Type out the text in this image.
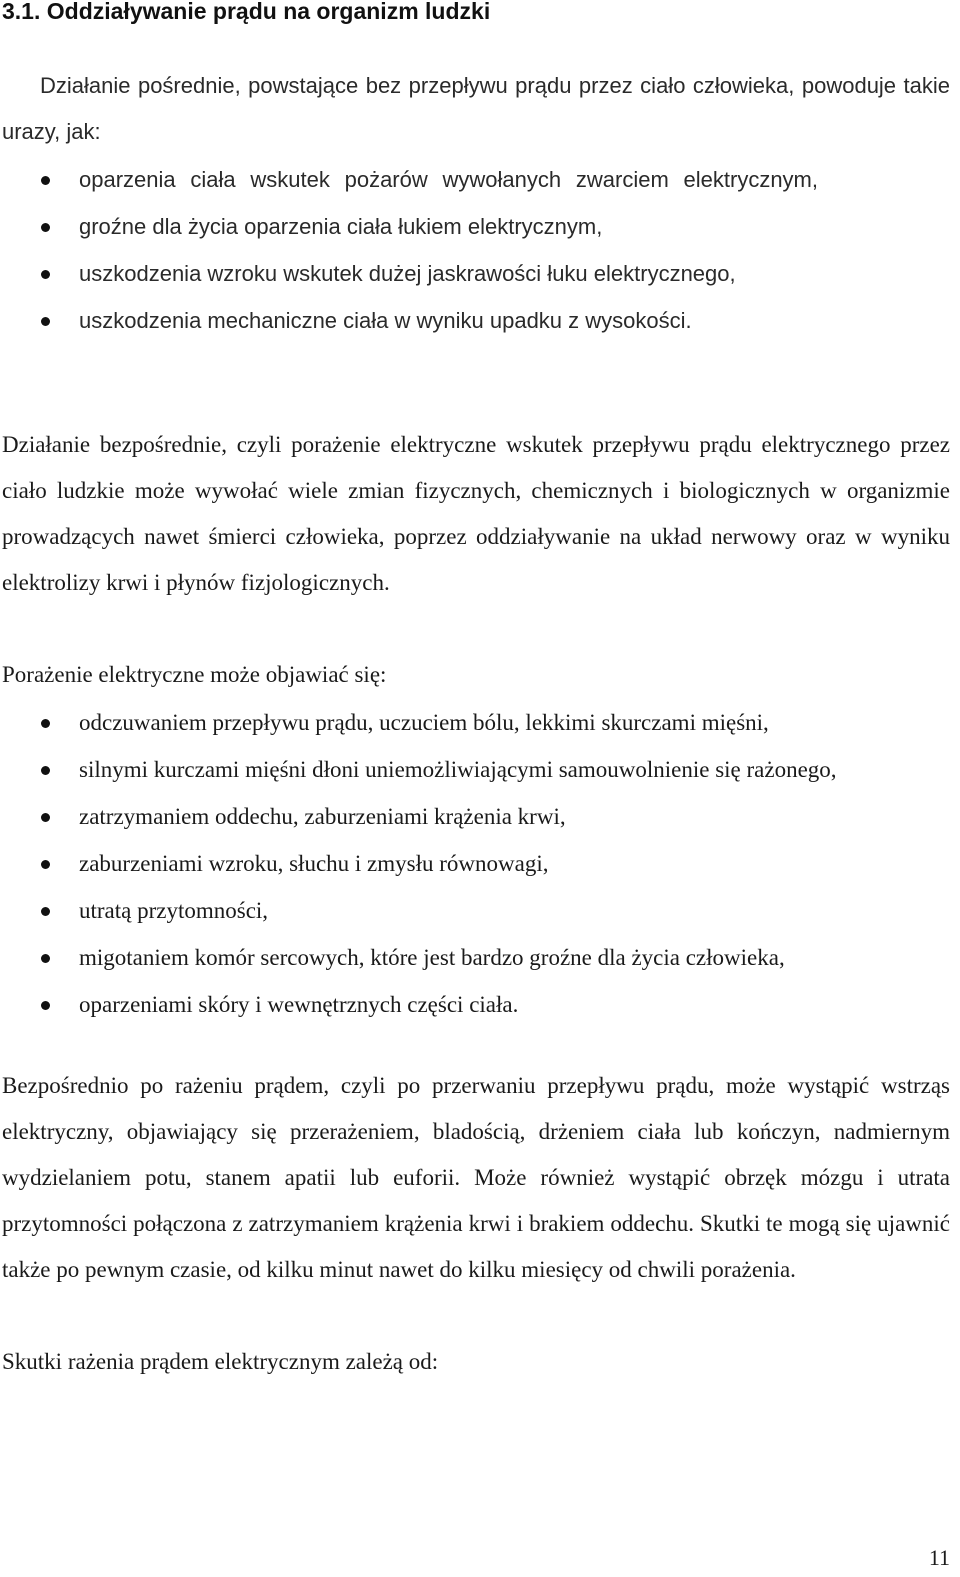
3.1. Oddziaływanie prądu na organizm ludzki
Działanie pośrednie, powstające bez przepływu prądu przez ciało człowieka, powoduje takie urazy, jak:
oparzenia ciała wskutek pożarów wywołanych zwarciem elektrycznym,
groźne dla życia oparzenia ciała łukiem elektrycznym,
uszkodzenia wzroku wskutek dużej jaskrawości łuku elektrycznego,
uszkodzenia mechaniczne ciała w wyniku upadku z wysokości.
Działanie bezpośrednie, czyli porażenie elektryczne wskutek przepływu prądu elektrycznego przez ciało ludzkie może wywołać wiele zmian fizycznych, chemicznych i biologicznych w organizmie prowadzących nawet śmierci człowieka, poprzez oddziaływanie na układ nerwowy oraz w wyniku elektrolizy krwi i płynów fizjologicznych.
Porażenie elektryczne może objawiać się:
odczuwaniem przepływu prądu, uczuciem bólu, lekkimi skurczami mięśni,
silnymi kurczami mięśni dłoni uniemożliwiającymi samouwolnienie się rażonego,
zatrzymaniem oddechu, zaburzeniami krążenia krwi,
zaburzeniami wzroku, słuchu i zmysłu równowagi,
utratą przytomności,
migotaniem komór sercowych, które jest bardzo groźne dla życia człowieka,
oparzeniami skóry i wewnętrznych części ciała.
Bezpośrednio po rażeniu prądem, czyli po przerwaniu przepływu prądu, może wystąpić wstrząs elektryczny, objawiający się przerażeniem, bladością, drżeniem ciała lub kończyn, nadmiernym wydzielaniem potu, stanem apatii lub euforii. Może również wystąpić obrzęk mózgu i utrata przytomności połączona z zatrzymaniem krążenia krwi i brakiem oddechu. Skutki te mogą się ujawnić także po pewnym czasie, od kilku minut nawet do kilku miesięcy od chwili porażenia.
Skutki rażenia prądem elektrycznym zależą od:
11
